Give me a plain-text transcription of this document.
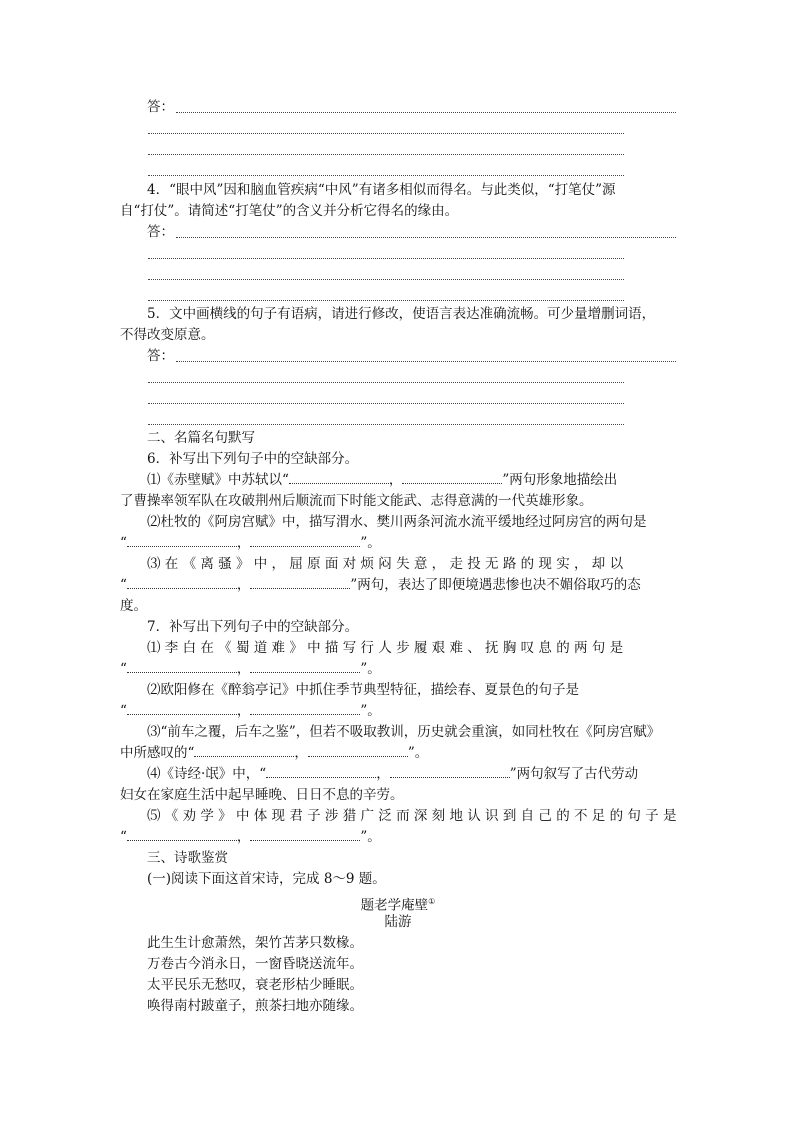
答：
4．“眼中风”因和脑血管疾病“中风”有诸多相似而得名。与此类似，“打笔仗”源
自“打仗”。请简述“打笔仗”的含义并分析它得名的缘由。
答：
5．文中画横线的句子有语病，请进行修改，使语言表达准确流畅。可少量增删词语，
不得改变原意。
答：
二、名篇名句默写
6．补写出下列句子中的空缺部分。
⑴《赤壁赋》中苏轼以“	，	”两句形象地描绘出
了曹操率领军队在攻破荆州后顺流而下时能文能武、志得意满的一代英雄形象。
⑵杜牧的《阿房宫赋》中，描写渭水、樊川两条河流水流平缓地经过阿房宫的两句是
“	，	”。
⑶ 在 《 离 骚 》 中 ， 屈 原 面 对 烦 闷 失 意 ， 走 投 无 路 的 现 实 ， 却 以
“	，	”两句，表达了即便境遇悲惨也决不媚俗取巧的态
度。
7．补写出下列句子中的空缺部分。
⑴ 李 白 在 《 蜀 道 难 》 中 描 写 行 人 步 履 艰 难 、 抚 胸 叹 息 的 两 句 是
“	，	”。
⑵欧阳修在《醉翁亭记》中抓住季节典型特征，描绘春、夏景色的句子是
“	，	”。
⑶“前车之覆，后车之鉴”，但若不吸取教训，历史就会重演，如同杜牧在《阿房宫赋》
中所感叹的“	，	”。
⑷《诗经·氓》中，“	，	”两句叙写了古代劳动
妇女在家庭生活中起早睡晚、日日不息的辛劳。
⑸ 《 劝 学 》 中 体 现 君 子 涉 猎 广 泛 而 深 刻 地 认 识 到 自 己 的 不 足 的 句 子 是
“	，	”。
三、诗歌鉴赏
(一)阅读下面这首宋诗，完成 8～9 题。
题老学庵壁①
陆游
此生生计愈萧然，架竹苫茅只数椽。
万卷古今消永日，一窗昏晓送流年。
太平民乐无愁叹，衰老形枯少睡眠。
唤得南村跛童子，煎茶扫地亦随缘。
